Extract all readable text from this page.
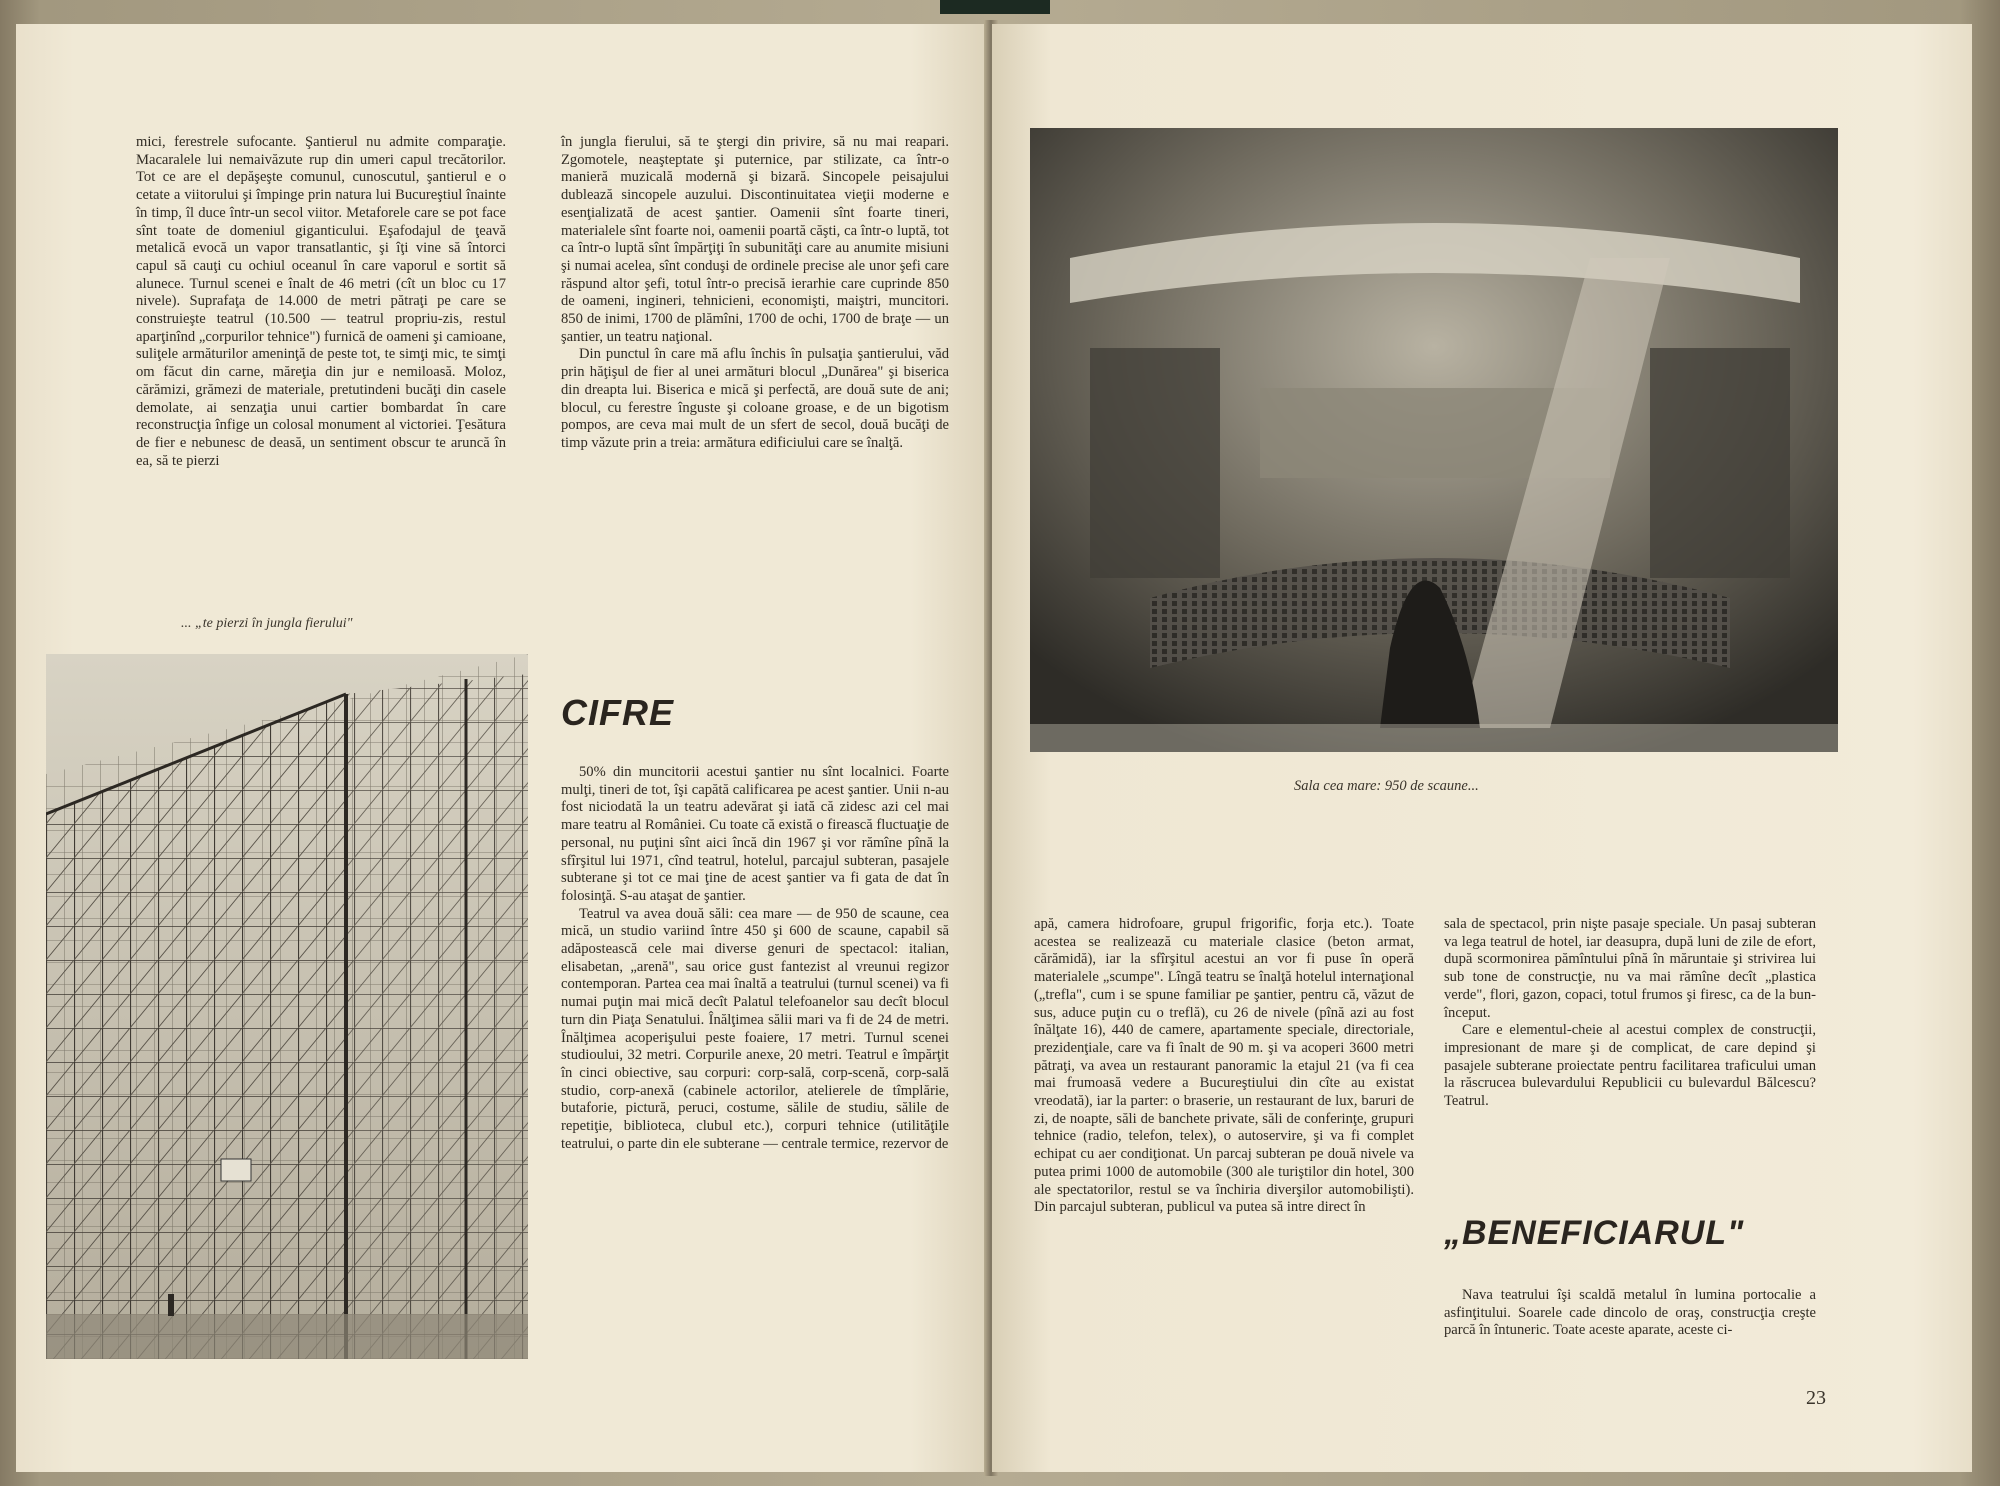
mici, ferestrele sufocante. Şantierul nu admite comparaţie. Macaralele lui nemaivăzute rup din umeri capul trecătorilor. Tot ce are el depăşeşte comunul, cunoscutul, şantierul e o cetate a viitorului şi împinge prin natura lui Bucureştiul înainte în timp, îl duce într-un secol viitor. Metaforele care se pot face sînt toate de domeniul giganticului. Eşafodajul de ţeavă metalică evocă un vapor transatlantic, şi îţi vine să întorci capul să cauţi cu ochiul oceanul în care vaporul e sortit să alunece. Turnul scenei e înalt de 46 metri (cît un bloc cu 17 nivele). Suprafaţa de 14.000 de metri pătraţi pe care se construieşte teatrul (10.500 — teatrul propriu-zis, restul aparţinînd „corpurilor tehnice") furnică de oameni şi camioane, suliţele armăturilor ameninţă de peste tot, te simţi mic, te simţi om făcut din carne, măreţia din jur e nemiloasă. Moloz, cărămizi, grămezi de materiale, pretutindeni bucăţi din casele demolate, ai senzaţia unui cartier bombardat în care reconstrucţia înfige un colosal monument al victoriei. Ţesătura de fier e nebunesc de deasă, un sentiment obscur te aruncă în ea, să te pierzi

... „te pierzi în jungla fierului"

în jungla fierului, să te ştergi din privire, să nu mai reapari. Zgomotele, neaşteptate şi puternice, par stilizate, ca într-o manieră muzicală modernă şi bizară. Sincopele peisajului dublează sincopele auzului. Discontinuitatea vieţii moderne e esenţializată de acest şantier. Oamenii sînt foarte tineri, materialele sînt foarte noi, oamenii poartă căşti, ca într-o luptă, tot ca într-o luptă sînt împărţiţi în subunităţi care au anumite misiuni şi numai acelea, sînt conduşi de ordinele precise ale unor şefi care răspund altor şefi, totul într-o precisă ierarhie care cuprinde 850 de oameni, ingineri, tehnicieni, economişti, maiştri, muncitori. 850 de inimi, 1700 de plămîni, 1700 de ochi, 1700 de braţe — un şantier, un teatru naţional.

Din punctul în care mă aflu închis în pulsaţia şantierului, văd prin hăţişul de fier al unei armături blocul „Dunărea" şi biserica din dreapta lui. Biserica e mică şi perfectă, are două sute de ani; blocul, cu ferestre înguste şi coloane groase, e de un bigotism pompos, are ceva mai mult de un sfert de secol, două bucăţi de timp văzute prin a treia: armătura edificiului care se înalţă.

CIFRE

50% din muncitorii acestui şantier nu sînt localnici. Foarte mulţi, tineri de tot, îşi capătă calificarea pe acest şantier. Unii n-au fost niciodată la un teatru adevărat şi iată că zidesc azi cel mai mare teatru al României. Cu toate că există o firească fluctuaţie de personal, nu puţini sînt aici încă din 1967 şi vor rămîne pînă la sfîrşitul lui 1971, cînd teatrul, hotelul, parcajul subteran, pasajele subterane şi tot ce mai ţine de acest şantier va fi gata de dat în folosinţă. S-au ataşat de şantier.

Teatrul va avea două săli: cea mare — de 950 de scaune, cea mică, un studio variind între 450 şi 600 de scaune, capabil să adăpostească cele mai diverse genuri de spectacol: italian, elisabetan, „arenă", sau orice gust fantezist al vreunui regizor contemporan. Partea cea mai înaltă a teatrului (turnul scenei) va fi numai puţin mai mică decît Palatul telefoanelor sau decît blocul turn din Piaţa Senatului. Înălţimea sălii mari va fi de 24 de metri. Înălţimea acoperişului peste foaiere, 17 metri. Turnul scenei studioului, 32 metri. Corpurile anexe, 20 metri. Teatrul e împărţit în cinci obiective, sau corpuri: corp-sală, corp-scenă, corp-sală studio, corp-anexă (cabinele actorilor, atelierele de tîmplărie, butaforie, pictură, peruci, costume, sălile de studiu, sălile de repetiţie, biblioteca, clubul etc.), corpuri tehnice (utilităţile teatrului, o parte din ele subterane — centrale termice, rezervor de

Sala cea mare: 950 de scaune...

apă, camera hidrofoare, grupul frigorific, forja etc.). Toate acestea se realizează cu materiale clasice (beton armat, cărămidă), iar la sfîrşitul acestui an vor fi puse în operă materialele „scumpe". Lîngă teatru se înalţă hotelul internaţional („trefla", cum i se spune familiar pe şantier, pentru că, văzut de sus, aduce puţin cu o treflă), cu 26 de nivele (pînă azi au fost înălţate 16), 440 de camere, apartamente speciale, directoriale, prezidenţiale, care va fi înalt de 90 m. şi va acoperi 3600 metri pătraţi, va avea un restaurant panoramic la etajul 21 (va fi cea mai frumoasă vedere a Bucureştiului din cîte au existat vreodată), iar la parter: o braserie, un restaurant de lux, baruri de zi, de noapte, săli de banchete private, săli de conferinţe, grupuri tehnice (radio, telefon, telex), o autoservire, şi va fi complet echipat cu aer condiţionat. Un parcaj subteran pe două nivele va putea primi 1000 de automobile (300 ale turiştilor din hotel, 300 ale spectatorilor, restul se va închiria diverşilor automobilişti). Din parcajul subteran, publicul va putea să intre direct în

sala de spectacol, prin nişte pasaje speciale. Un pasaj subteran va lega teatrul de hotel, iar deasupra, după luni de zile de efort, după scormonirea pămîntului pînă în măruntaie şi strivirea lui sub tone de construcţie, nu va mai rămîne decît „plastica verde", flori, gazon, copaci, totul frumos şi firesc, ca de la bun-început.

Care e elementul-cheie al acestui complex de construcţii, impresionant de mare şi de complicat, de care depind şi pasajele subterane proiectate pentru facilitarea traficului uman la răscrucea bulevardului Republicii cu bulevardul Bălcescu? Teatrul.

„BENEFICIARUL"

Nava teatrului îşi scaldă metalul în lumina portocalie a asfinţitului. Soarele cade dincolo de oraş, construcţia creşte parcă în întuneric. Toate aceste aparate, aceste ci-

23
